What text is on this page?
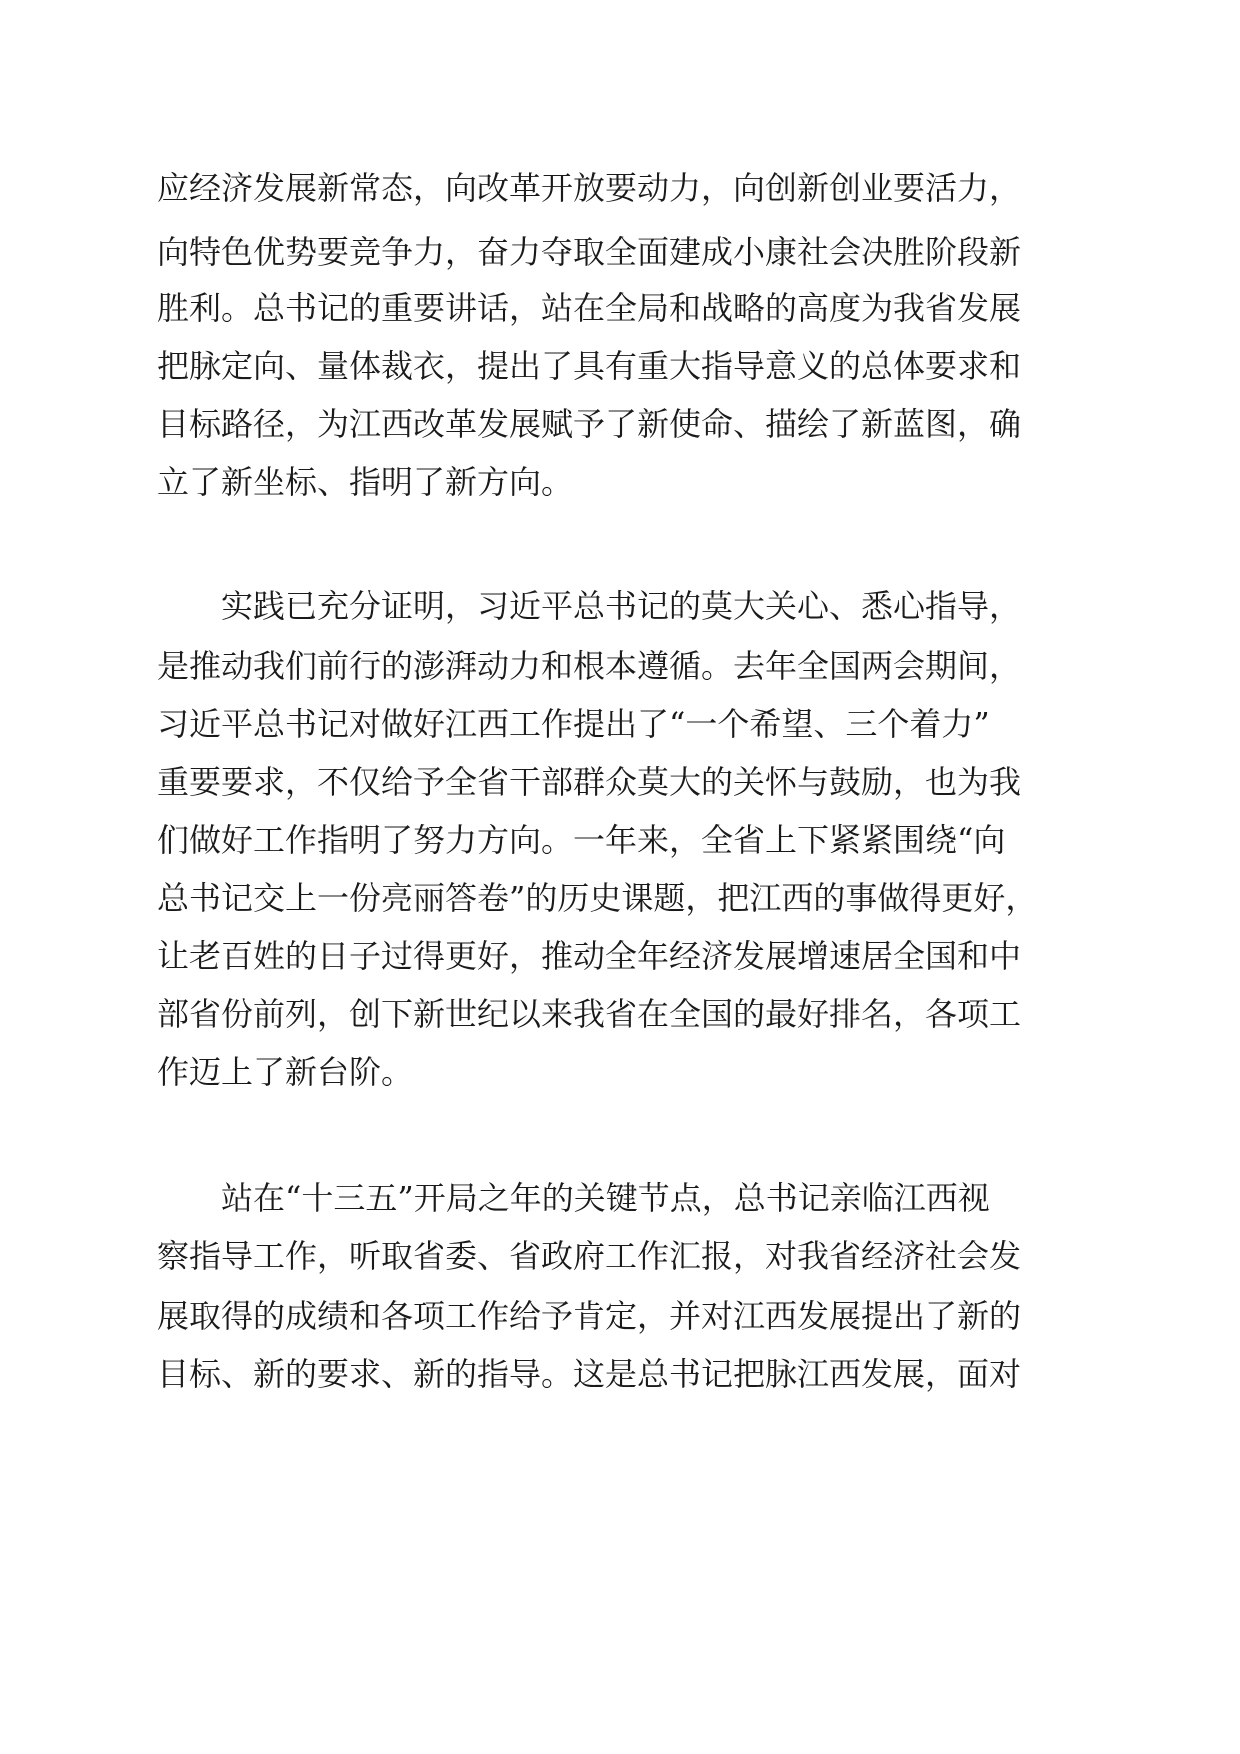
应经济发展新常态，向改革开放要动力，向创新创业要活力，
向特色优势要竞争力，奋力夺取全面建成小康社会决胜阶段新
胜利。总书记的重要讲话，站在全局和战略的高度为我省发展
把脉定向、量体裁衣，提出了具有重大指导意义的总体要求和
目标路径，为江西改革发展赋予了新使命、描绘了新蓝图，确
立了新坐标、指明了新方向。
实践已充分证明，习近平总书记的莫大关心、悉心指导，
是推动我们前行的澎湃动力和根本遵循。去年全国两会期间，
习近平总书记对做好江西工作提出了“一个希望、三个着力”
重要要求，不仅给予全省干部群众莫大的关怀与鼓励，也为我
们做好工作指明了努力方向。一年来，全省上下紧紧围绕“向
总书记交上一份亮丽答卷”的历史课题，把江西的事做得更好，
让老百姓的日子过得更好，推动全年经济发展增速居全国和中
部省份前列，创下新世纪以来我省在全国的最好排名，各项工
作迈上了新台阶。
站在“十三五”开局之年的关键节点，总书记亲临江西视
察指导工作，听取省委、省政府工作汇报，对我省经济社会发
展取得的成绩和各项工作给予肯定，并对江西发展提出了新的
目标、新的要求、新的指导。这是总书记把脉江西发展，面对
